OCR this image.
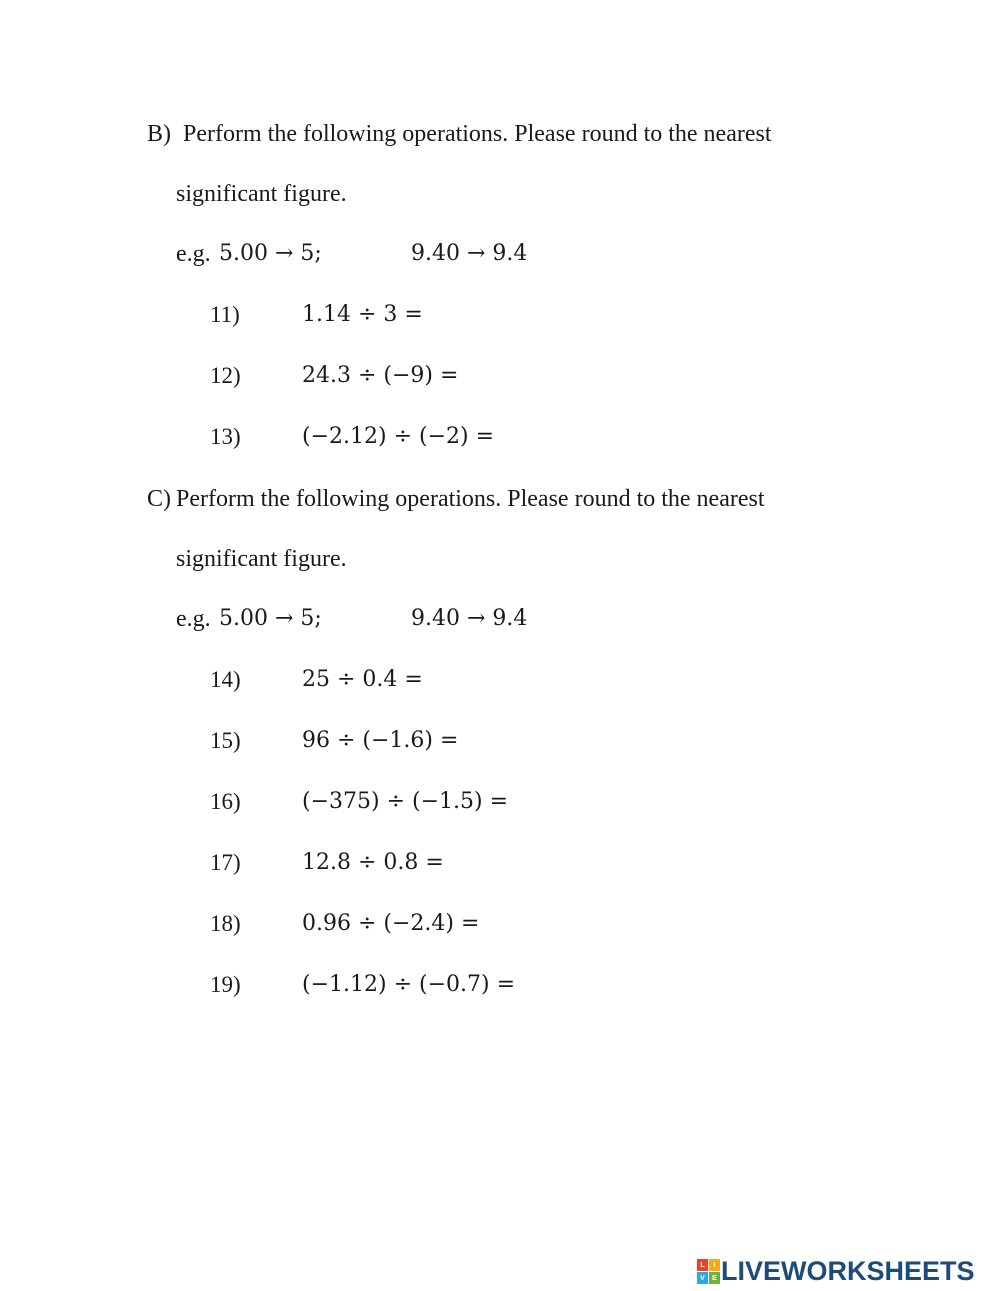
B) Perform the following operations. Please round to the nearest
significant figure.
e.g. 5.00 → 5;	9.40 → 9.4
11)	1.14 ÷ 3 =
12)	24.3 ÷ (−9) =
13)	(−2.12) ÷ (−2) =
C) Perform the following operations. Please round to the nearest
significant figure.
e.g. 5.00 → 5;	9.40 → 9.4
14)	25 ÷ 0.4 =
15)	96 ÷ (−1.6) =
16)	(−375) ÷ (−1.5) =
17)	12.8 ÷ 0.8 =
18)	0.96 ÷ (−2.4) =
19)	(−1.12) ÷ (−0.7) =
L	I
V	E LIVEWORKSHEETS
